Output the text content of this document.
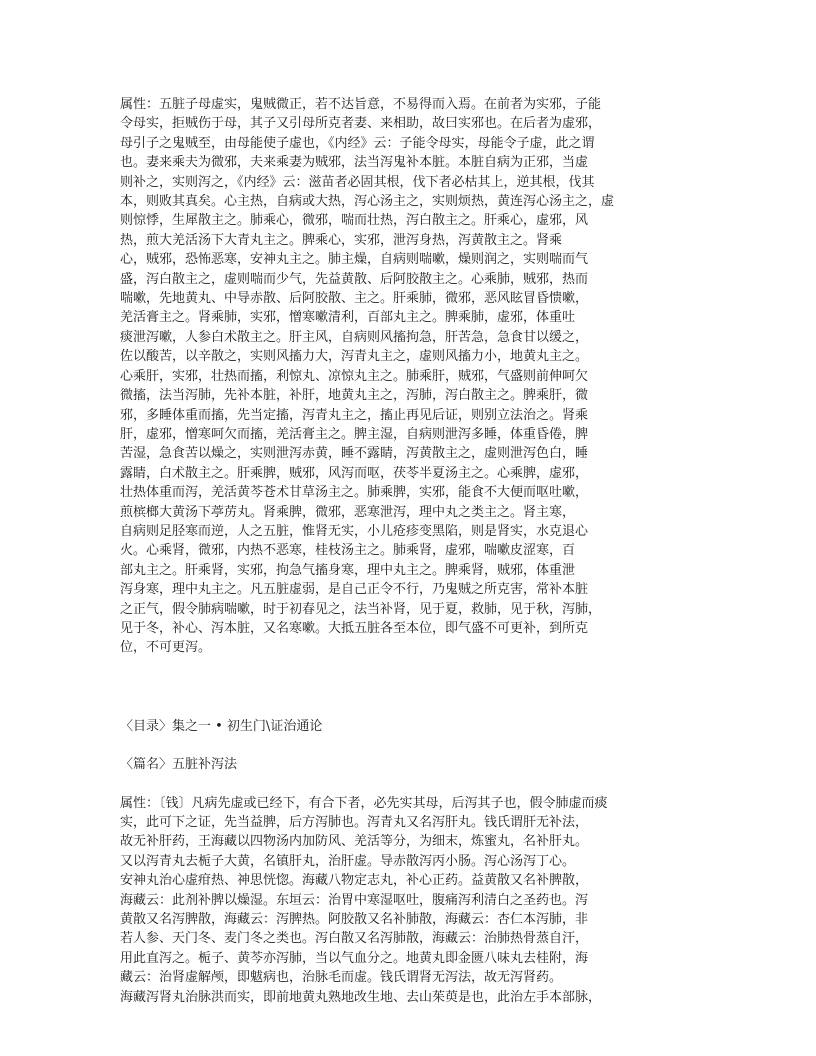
属性：五脏子母虚实，鬼贼微正，若不达旨意，不易得而入焉。在前者为实邪，子能
令母实，拒贼伤于母，其子又引母所克者妻、来相助，故曰实邪也。在后者为虚邪，
母引子之鬼贼至，由母能使子虚也，《内经》云：子能令母实，母能令子虚，此之谓
也。妻来乘夫为微邪，夫来乘妻为贼邪，法当泻鬼补本脏。本脏自病为正邪，当虚
则补之，实则泻之，《内经》云：滋苗者必固其根，伐下者必枯其上，逆其根，伐其
本，则败其真矣。心主热，自病或大热，泻心汤主之，实则烦热，黄连泻心汤主之，虚
则惊悸，生犀散主之。肺乘心，微邪，喘而壮热，泻白散主之。肝乘心，虚邪，风
热，煎大羌活汤下大青丸主之。脾乘心，实邪，泄泻身热，泻黄散主之。肾乘
心，贼邪，恐怖恶寒，安神丸主之。肺主燥，自病则喘嗽，燥则润之，实则喘而气
盛，泻白散主之，虚则喘而少气，先益黄散、后阿胶散主之。心乘肺，贼邪，热而
喘嗽，先地黄丸、中导赤散、后阿胶散、主之。肝乘肺，微邪，恶风眩冒昏愦嗽，
羌活膏主之。肾乘肺，实邪，憎寒嗽清利，百部丸主之。脾乘肺，虚邪，体重吐
痰泄泻嗽，人参白术散主之。肝主风，自病则风搐拘急，肝苦急，急食甘以缓之，
佐以酸苦，以辛散之，实则风搐力大，泻青丸主之，虚则风搐力小，地黄丸主之。
心乘肝，实邪，壮热而搐，利惊丸、凉惊丸主之。肺乘肝，贼邪，气盛则前伸呵欠
微搐，法当泻肺，先补本脏，补肝，地黄丸主之，泻肺，泻白散主之。脾乘肝，微
邪，多睡体重而搐，先当定搐，泻青丸主之，搐止再见后证，则别立法治之。肾乘
肝，虚邪，憎寒呵欠而搐，羌活膏主之。脾主湿，自病则泄泻多睡，体重昏倦，脾
苦湿，急食苦以燥之，实则泄泻赤黄，睡不露睛，泻黄散主之，虚则泄泻色白，睡
露睛，白术散主之。肝乘脾，贼邪，风泻而呕，茯苓半夏汤主之。心乘脾，虚邪，
壮热体重而泻，羌活黄芩苍术甘草汤主之。肺乘脾，实邪，能食不大便而呕吐嗽，
煎槟榔大黄汤下葶苈丸。肾乘脾，微邪，恶寒泄泻，理中丸之类主之。肾主寒，
自病则足胫寒而逆，人之五脏，惟肾无实，小儿疮疹变黑陷，则是肾实，水克退心
火。心乘肾，微邪，内热不恶寒，桂枝汤主之。肺乘肾，虚邪，喘嗽皮涩寒，百
部丸主之。肝乘肾，实邪，拘急气搐身寒，理中丸主之。脾乘肾，贼邪，体重泄
泻身寒，理中丸主之。凡五脏虚弱，是自己正令不行，乃鬼贼之所克害，常补本脏
之正气，假令肺病喘嗽，时于初春见之，法当补肾，见于夏，救肺，见于秋，泻肺，
见于冬，补心、泻本脏，又名寒嗽。大抵五脏各至本位，即气盛不可更补，到所克
位，不可更泻。
〈目录〉集之一 • 初生门\证治通论
〈篇名〉五脏补泻法
属性：〔钱〕凡病先虚或已经下，有合下者，必先实其母，后泻其子也，假令肺虚而痰
实，此可下之证，先当益脾，后方泻肺也。泻青丸又名泻肝丸。钱氏谓肝无补法，
故无补肝药，王海藏以四物汤内加防风、羌活等分，为细末，炼蜜丸，名补肝丸。
又以泻青丸去栀子大黄，名镇肝丸，治肝虚。导赤散泻丙小肠。泻心汤泻丁心。
安神丸治心虚疳热、神思恍惚。海藏八物定志丸，补心正药。益黄散又名补脾散，
海藏云：此剂补脾以燥湿。东垣云：治胃中寒湿呕吐，腹痛泻利清白之圣药也。泻
黄散又名泻脾散，海藏云：泻脾热。阿胶散又名补肺散，海藏云：杏仁本泻肺，非
若人参、天门冬、麦门冬之类也。泻白散又名泻肺散，海藏云：治肺热骨蒸自汗，
用此直泻之。栀子、黄芩亦泻肺，当以气血分之。地黄丸即金匮八味丸去桂附，海
藏云：治肾虚解颅，即魃病也，治脉毛而虚。钱氏谓肾无泻法，故无泻肾药。
海藏泻肾丸治脉洪而实，即前地黄丸熟地改生地、去山茱萸是也，此治左手本部脉，
